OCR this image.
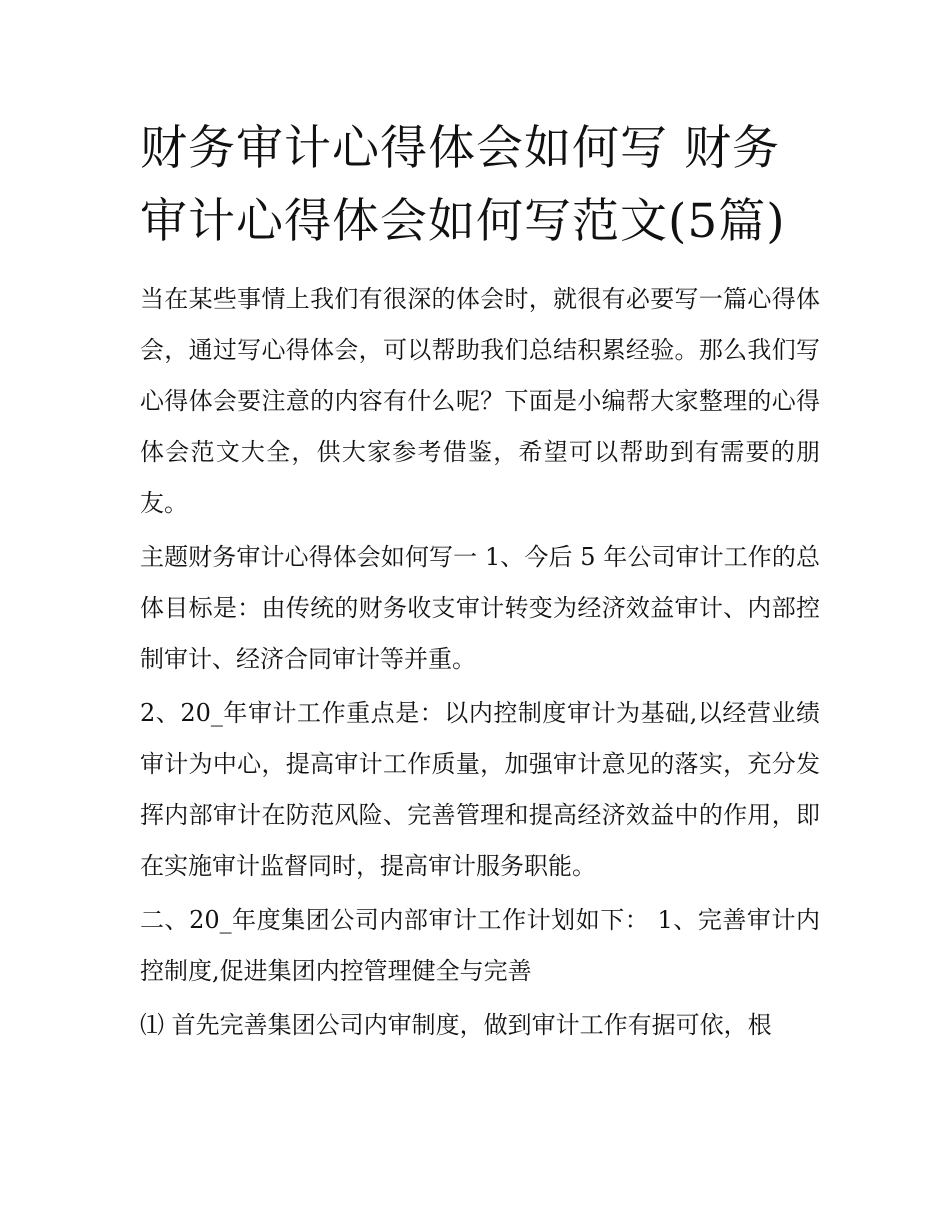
财务审计心得体会如何写 财务审计心得体会如何写范文(5篇)

当在某些事情上我们有很深的体会时，就很有必要写一篇心得体会，通过写心得体会，可以帮助我们总结积累经验。那么我们写心得体会要注意的内容有什么呢？下面是小编帮大家整理的心得体会范文大全，供大家参考借鉴，希望可以帮助到有需要的朋友。

主题财务审计心得体会如何写一 1、今后 5 年公司审计工作的总体目标是：由传统的财务收支审计转变为经济效益审计、内部控制审计、经济合同审计等并重。

2、20_年审计工作重点是：以内控制度审计为基础,以经营业绩审计为中心，提高审计工作质量，加强审计意见的落实，充分发挥内部审计在防范风险、完善管理和提高经济效益中的作用，即在实施审计监督同时，提高审计服务职能。

二、20_年度集团公司内部审计工作计划如下： 1、完善审计内控制度,促进集团内控管理健全与完善

⑴ 首先完善集团公司内审制度，做到审计工作有据可依，根
